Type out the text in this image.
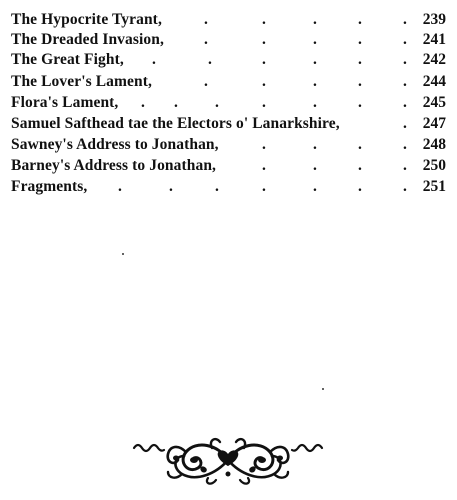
The Hypocrite Tyrant,	.	.	.	.	. 239
The Dreaded Invasion,	.	.	.	.	. 241
The Great Fight, .	.	.	.	.	. 242
The Lover's Lament,	.	.	.	.	. 244
Flora's Lament, . . .	.	.	.	. 245
Samuel Safthead tae the Electors o' Lanarkshire,	. 247
Sawney's Address to Jonathan,	.	.	.	. 248
Barney's Address to Jonathan,	.	.	.	. 250
Fragments, .	.	.	.	.	.	. 251
